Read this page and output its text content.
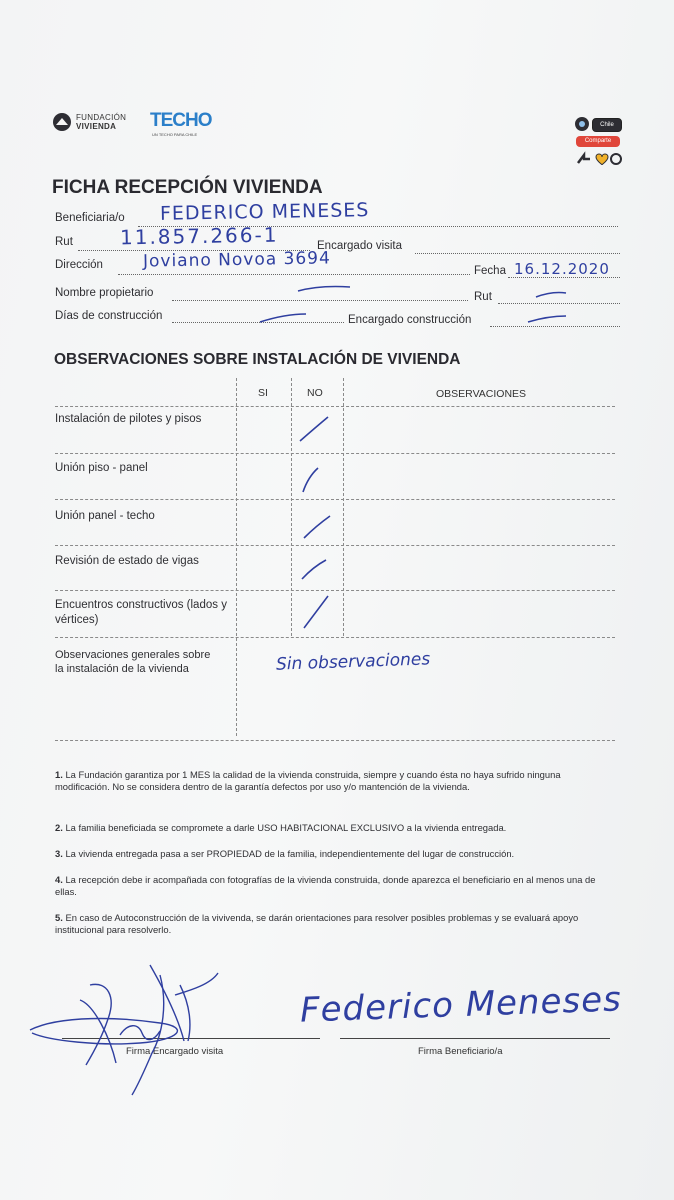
FUNDACIÓN
VIVIENDA TECHO
UN TECHO PARA CHILE
Chile
Comparte
FICHA RECEPCIÓN VIVIENDA
Beneficiaria/o FEDERICO MENESES
Rut 11.857.266-1	Encargado visita
Dirección Joviano Novoa 3694	Fecha 16.12.2020
Nombre propietario	Rut
Días de construcción	Encargado construcción
OBSERVACIONES SOBRE INSTALACIÓN DE VIVIENDA
SI	NO	OBSERVACIONES
Instalación de pilotes y pisos
Unión piso - panel
Unión panel - techo
Revisión de estado de vigas
Encuentros constructivos (lados y vértices)
Observaciones generales sobre la instalación de la vivienda	Sin observaciones
1. La Fundación garantiza por 1 MES la calidad de la vivienda construida, siempre y cuando ésta no haya sufrido ninguna modificación. No se considera dentro de la garantía defectos por uso y/o mantención de la vivienda.
2. La familia beneficiada se compromete a darle USO HABITACIONAL EXCLUSIVO a la vivienda entregada.
3. La vivienda entregada pasa a ser PROPIEDAD de la familia, independientemente del lugar de construcción.
4. La recepción debe ir acompañada con fotografías de la vivienda construida, donde aparezca el beneficiario en al menos una de ellas.
5. En caso de Autoconstrucción de la vivivenda, se darán orientaciones para resolver posibles problemas y se evaluará apoyo institucional para resolverlo.
Firma Encargado visita	Firma Beneficiario/a
Federico Meneses
